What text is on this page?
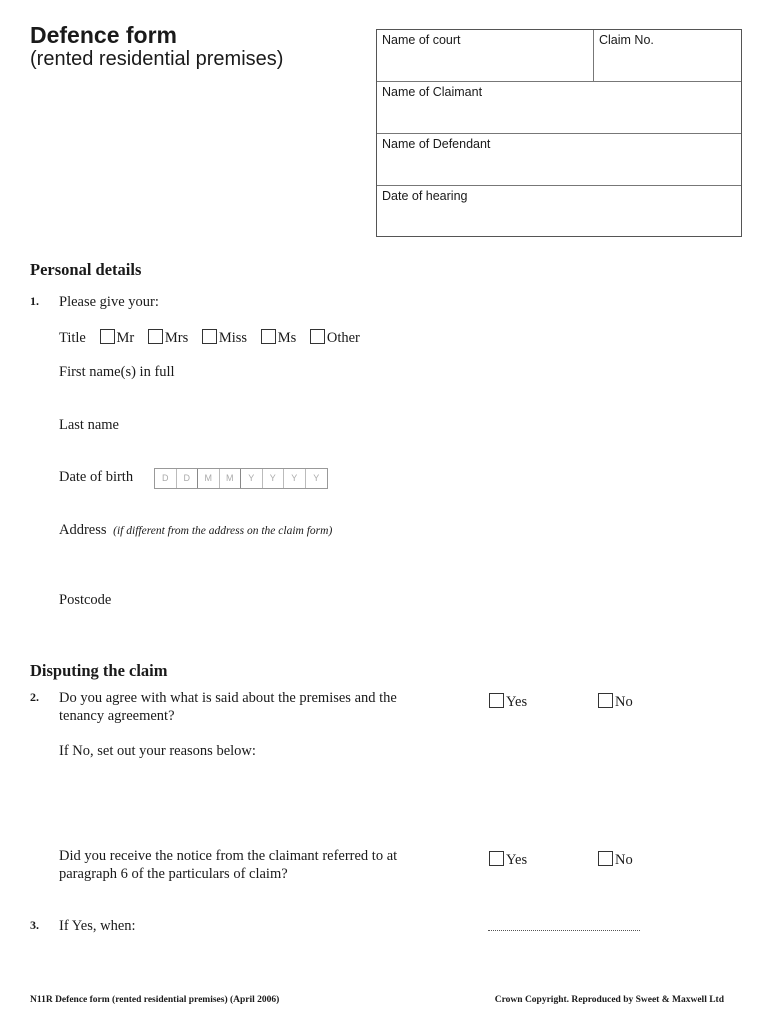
Defence form
(rented residential premises)
Name of court	Claim No.
Name of Claimant
Name of Defendant
Date of hearing
Personal details
1. Please give your:
Title Mr Mrs Miss Ms Other
First name(s) in full
Last name
Date of birth	D	D	M	M	Y	Y	Y	Y
Address (if different from the address on the claim form)
Postcode
Disputing the claim
2. Do you agree with what is said about the premises and the
tenancy agreement?
Yes	No
If No, set out your reasons below:
Did you receive the notice from the claimant referred to at
paragraph 6 of the particulars of claim?
Yes	No
3. If Yes, when:
N11R Defence form (rented residential premises) (April 2006)	Crown Copyright. Reproduced by Sweet & Maxwell Ltd
